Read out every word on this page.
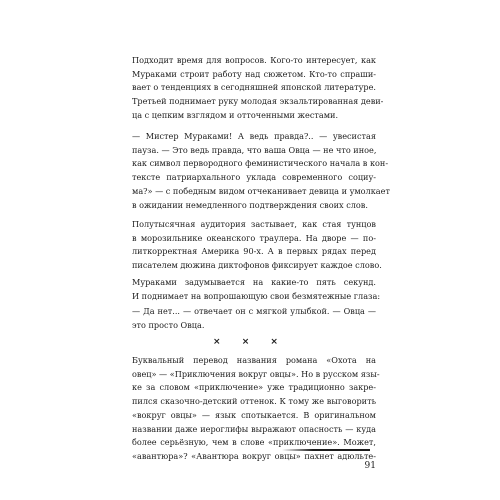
Подходит время для вопросов. Кого-то интересует, как
Мураками строит работу над сюжетом. Кто-то спраши-
вает о тенденциях в сегодняшней японской литературе.
Третьей поднимает руку молодая экзальтированная деви-
ца с цепким взглядом и отточенными жестами.
— Мистер Мураками! А ведь правда?.. — увесистая
пауза. — Это ведь правда, что ваша Овца — не что иное,
как символ первородного феминистического начала в кон-
тексте патриархального уклада современного социу-
ма?» — с победным видом отчеканивает девица и умолкает
в ожидании немедленного подтверждения своих слов.
Полутысячная аудитория застывает, как стая тунцов
в морозильнике океанского траулера. На дворе — по-
литкорректная Америка 90-х. А в первых рядах перед
писателем дюжина диктофонов фиксирует каждое слово.
Мураками задумывается на какие-то пять секунд.
И поднимает на вопрошающую свои безмятежные глаза:
— Да нет... — отвечает он с мягкой улыбкой. — Овца —
это просто Овца.
× × ×
Буквальный перевод названия романа «Охота на
овец» — «Приключения вокруг овцы». Но в русском язы-
ке за словом «приключение» уже традиционно закре-
пился сказочно-детский оттенок. К тому же выговорить
«вокруг овцы» — язык спотыкается. В оригинальном
названии даже иероглифы выражают опасность — куда
более серьёзную, чем в слове «приключение». Может,
«авантюра»? «Авантюра вокруг овцы» пахнет адюльте-
91
